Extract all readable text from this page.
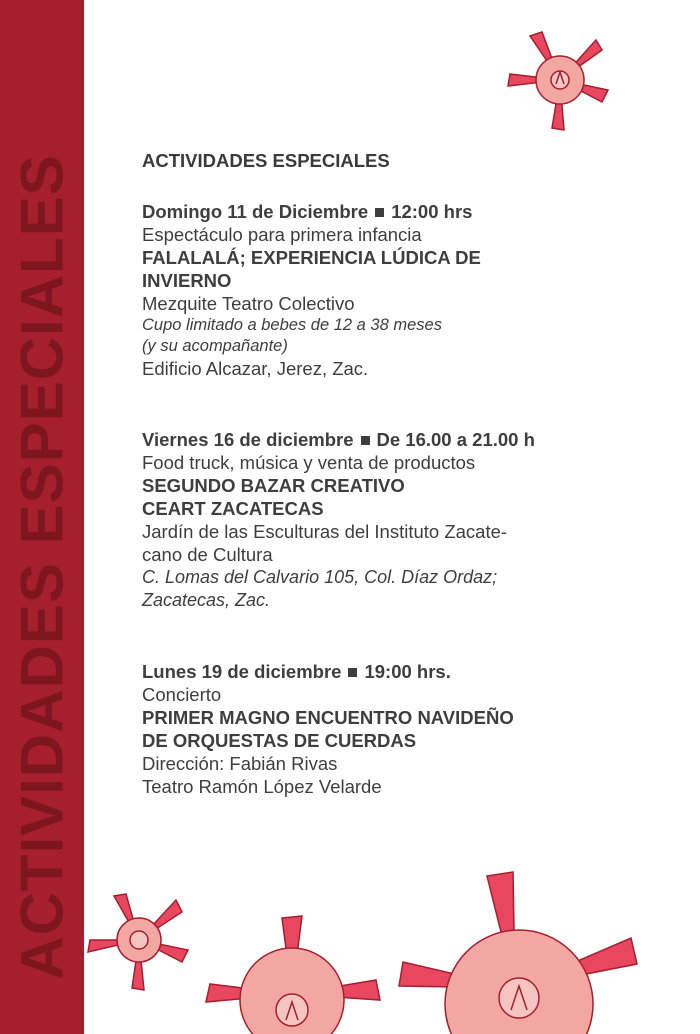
ACTIVIDADES ESPECIALES	ACTIVIDADES ESPECIALES
Domingo 11 de Diciembre 12:00 hrs
Espectáculo para primera infancia
FALALALÁ; EXPERIENCIA LÚDICA DE
INVIERNO
Mezquite Teatro Colectivo
Cupo limitado a bebes de 12 a 38 meses
(y su acompañante)
Edificio Alcazar, Jerez, Zac.
Viernes 16 de diciembre De 16.00 a 21.00 h
Food truck, música y venta de productos
SEGUNDO BAZAR CREATIVO
CEART ZACATECAS
Jardín de las Esculturas del Instituto Zacate-
cano de Cultura
C. Lomas del Calvario 105, Col. Díaz Ordaz;
Zacatecas, Zac.
Lunes 19 de diciembre 19:00 hrs.
Concierto
PRIMER MAGNO ENCUENTRO NAVIDEÑO
DE ORQUESTAS DE CUERDAS
Dirección: Fabián Rivas
Teatro Ramón López Velarde
